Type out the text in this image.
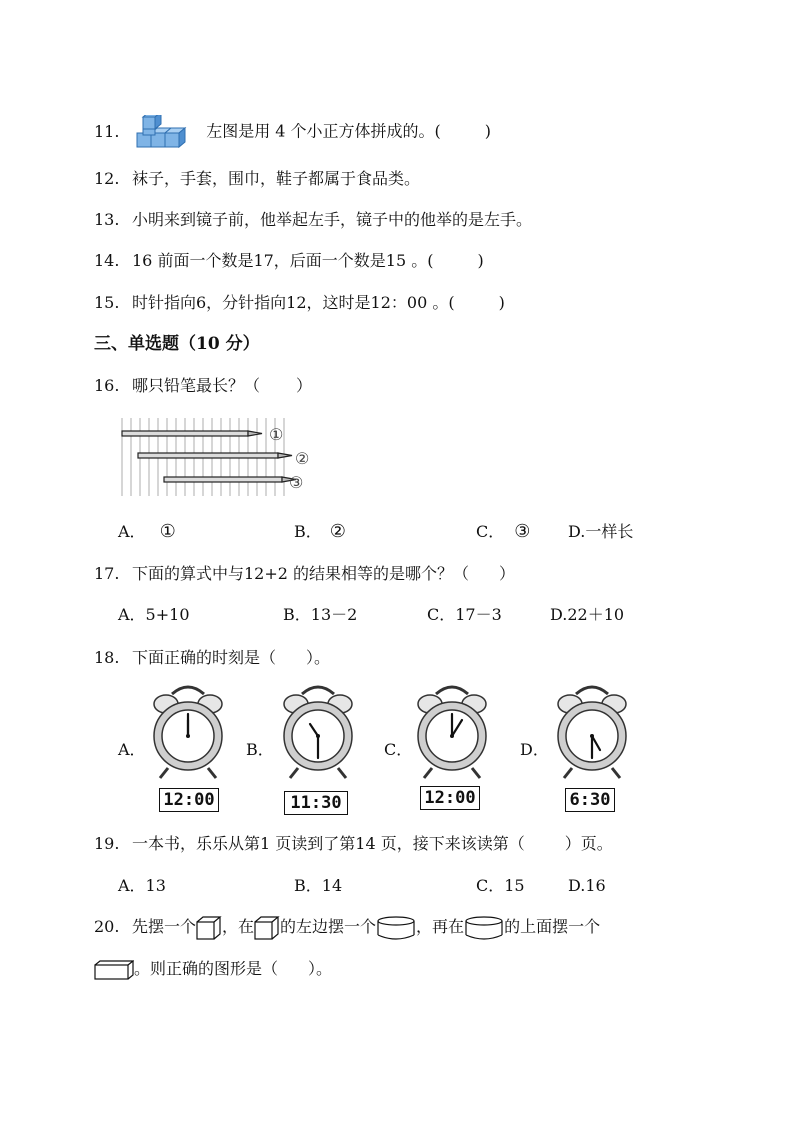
11.	左图是用 4 个小正方体拼成的。(	)
12. 袜子，手套，围巾，鞋子都属于食品类。
13. 小明来到镜子前，他举起左手，镜子中的他举的是左手。
14. 16 前面一个数是17，后面一个数是15 。(	)
15. 时针指向6，分针指向12，这时是12：00 。(	)
三、单选题（10 分）
16. 哪只铅笔最长？（ ）
①
②
③
A． ①	B． ②	C． ③ D.一样长
17. 下面的算式中与12+2 的结果相等的是哪个？（ ）
A．5+10	B．13－2	C．17－3	D.22＋10
18. 下面正确的时刻是（ ）。
A．	B．	C．	D．
12:00	11:30	12:00	6:30
19. 一本书，乐乐从第1 页读到了第14 页，接下来该读第（	）页。
A．13	B．14	C．15	D.16
20. 先摆一个 ，在 的左边摆一个	，再在	的上面摆一个
。则正确的图形是（ ）。
